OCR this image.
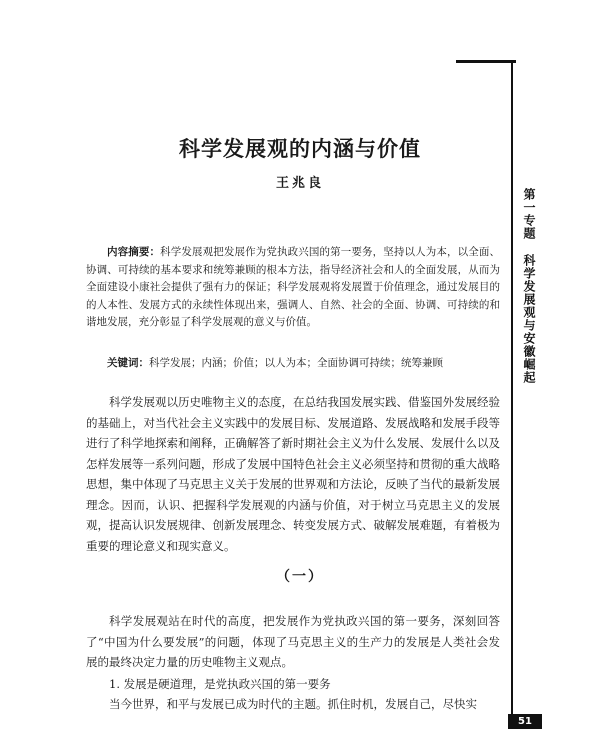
第一专题科学发展观与安徽崛起
科学发展观的内涵与价值
王兆良

内容摘要：科学发展观把发展作为党执政兴国的第一要务，坚持以人为本，以全面、协调、可持续的基本要求和统筹兼顾的根本方法，指导经济社会和人的全面发展，从而为全面建设小康社会提供了强有力的保证；科学发展观将发展置于价值理念，通过发展目的的人本性、发展方式的永续性体现出来，强调人、自然、社会的全面、协调、可持续的和谐地发展，充分彰显了科学发展观的意义与价值。

关键词：科学发展；内涵；价值；以人为本；全面协调可持续；统筹兼顾

科学发展观以历史唯物主义的态度，在总结我国发展实践、借鉴国外发展经验的基础上，对当代社会主义实践中的发展目标、发展道路、发展战略和发展手段等进行了科学地探索和阐释，正确解答了新时期社会主义为什么发展、发展什么以及怎样发展等一系列问题，形成了发展中国特色社会主义必须坚持和贯彻的重大战略思想，集中体现了马克思主义关于发展的世界观和方法论，反映了当代的最新发展理念。因而，认识、把握科学发展观的内涵与价值，对于树立马克思主义的发展观，提高认识发展规律、创新发展理念、转变发展方式、破解发展难题，有着极为重要的理论意义和现实意义。

（一）

科学发展观站在时代的高度，把发展作为党执政兴国的第一要务，深刻回答了“中国为什么要发展”的问题，体现了马克思主义的生产力的发展是人类社会发展的最终决定力量的历史唯物主义观点。

1. 发展是硬道理，是党执政兴国的第一要务

当今世界，和平与发展已成为时代的主题。抓住时机，发展自己，尽快实

51
